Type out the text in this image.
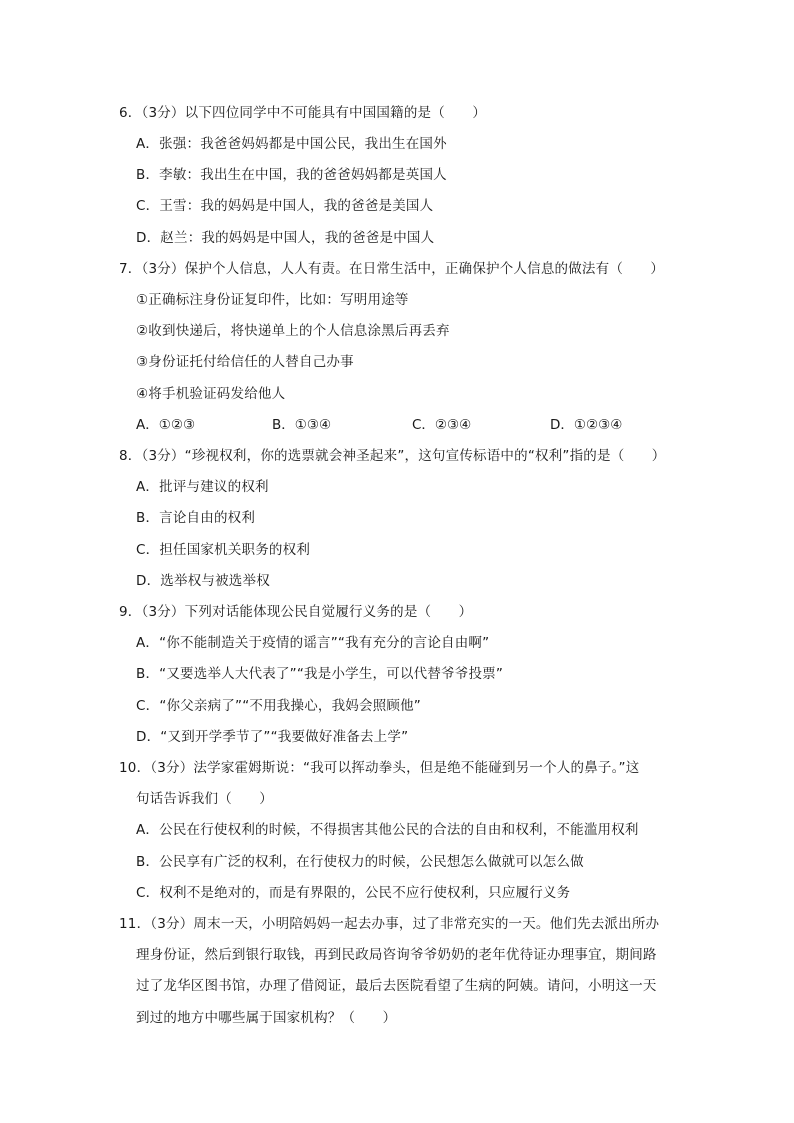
6．（3分）以下四位同学中不可能具有中国国籍的是（　　）
A．张强：我爸爸妈妈都是中国公民，我出生在国外
B．李敏：我出生在中国，我的爸爸妈妈都是英国人
C．王雪：我的妈妈是中国人，我的爸爸是美国人
D．赵兰：我的妈妈是中国人，我的爸爸是中国人
7．（3分）保护个人信息，人人有责。在日常生活中，正确保护个人信息的做法有（　　）
①正确标注身份证复印件，比如：写明用途等
②收到快递后，将快递单上的个人信息涂黑后再丢弃
③身份证托付给信任的人替自己办事
④将手机验证码发给他人
A．①②③	B．①③④	C．②③④	D．①②③④
8．（3分）“珍视权利，你的选票就会神圣起来”，这句宣传标语中的“权利”指的是（　　）
A．批评与建议的权利
B．言论自由的权利
C．担任国家机关职务的权利
D．选举权与被选举权
9．（3分）下列对话能体现公民自觉履行义务的是（　　）
A．“你不能制造关于疫情的谣言”“我有充分的言论自由啊”
B．“又要选举人大代表了”“我是小学生，可以代替爷爷投票”
C．“你父亲病了”“不用我操心，我妈会照顾他”
D．“又到开学季节了”“我要做好准备去上学”
10．（3分）法学家霍姆斯说：“我可以挥动拳头，但是绝不能碰到另一个人的鼻子。”这
句话告诉我们（　　）
A．公民在行使权利的时候，不得损害其他公民的合法的自由和权利，不能滥用权利
B．公民享有广泛的权利，在行使权力的时候，公民想怎么做就可以怎么做
C．权利不是绝对的，而是有界限的，公民不应行使权利，只应履行义务
11．（3分）周末一天，小明陪妈妈一起去办事，过了非常充实的一天。他们先去派出所办
理身份证，然后到银行取钱，再到民政局咨询爷爷奶奶的老年优待证办理事宜，期间路
过了龙华区图书馆，办理了借阅证，最后去医院看望了生病的阿姨。请问，小明这一天
到过的地方中哪些属于国家机构？（　　）
